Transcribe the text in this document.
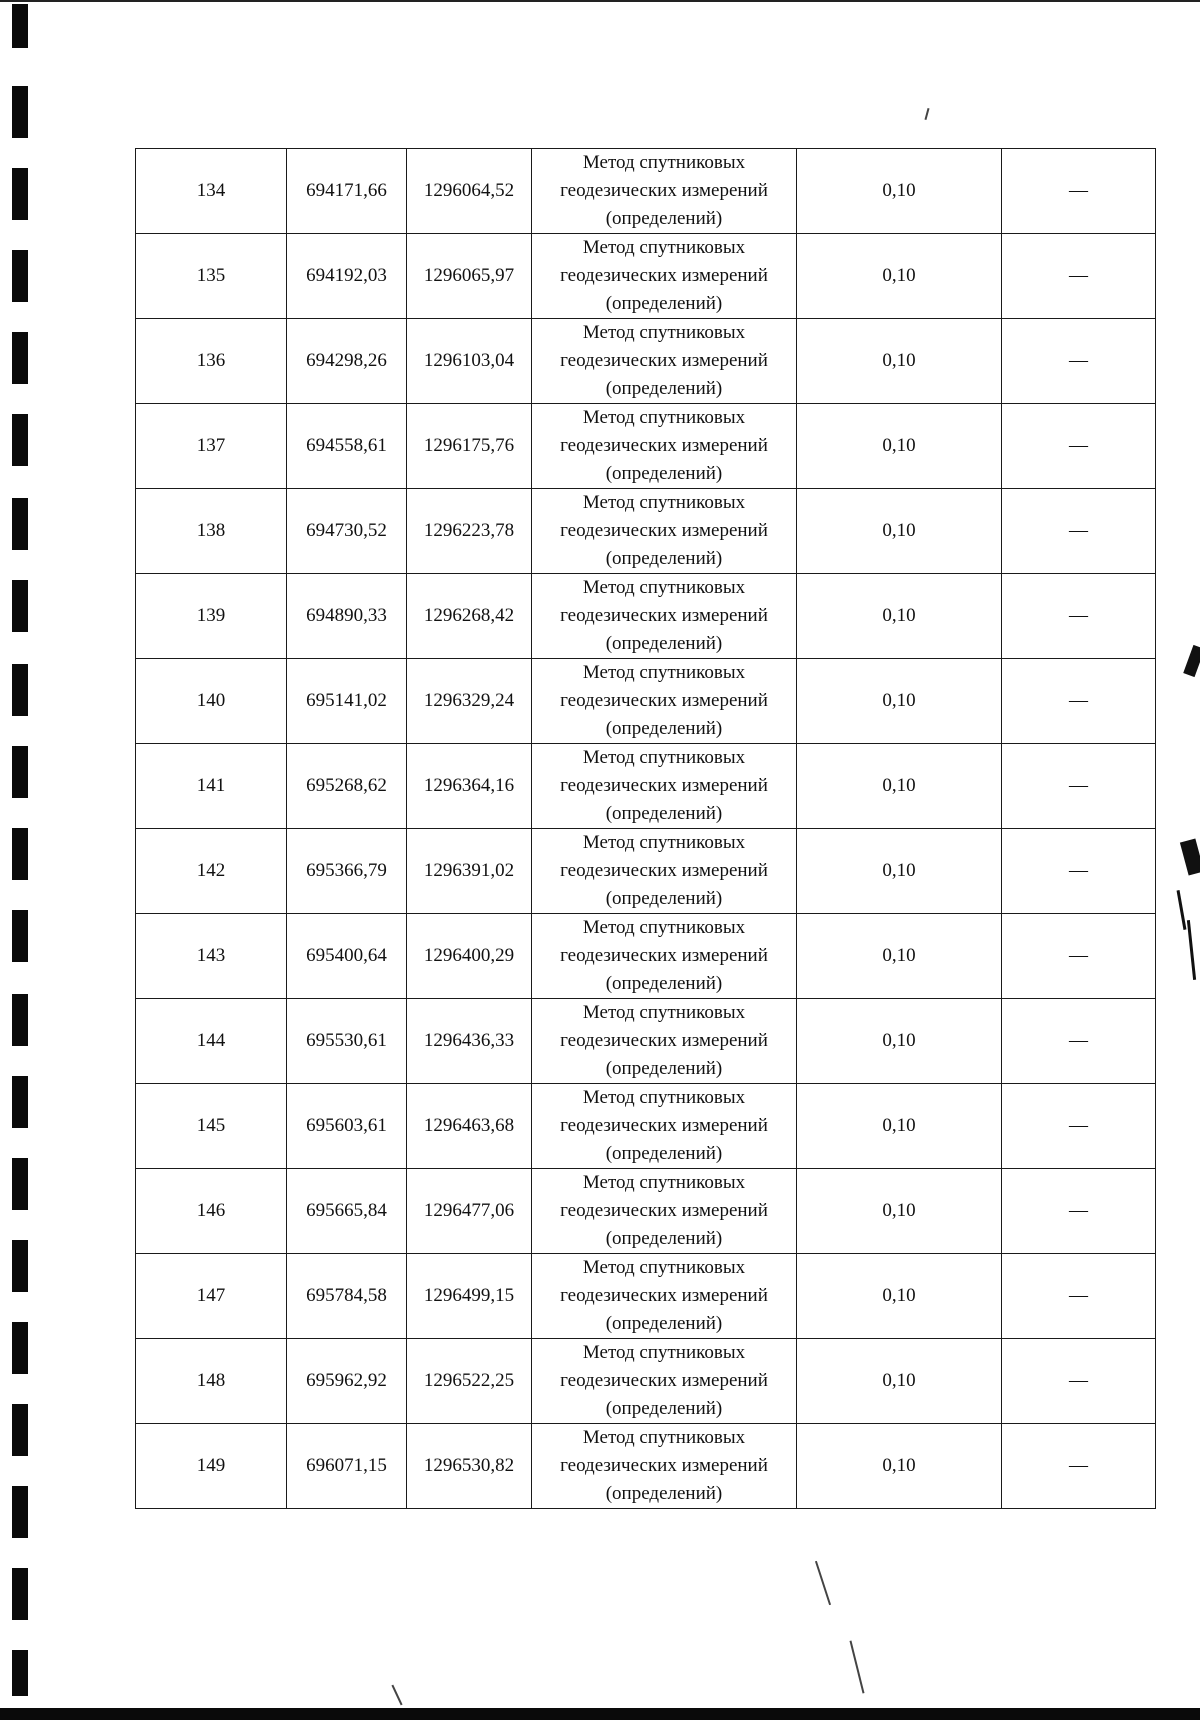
134	694171,66	1296064,52	Метод спутниковых
геодезических измерений
(определений)	0,10	—
135	694192,03	1296065,97	Метод спутниковых
геодезических измерений
(определений)	0,10	—
136	694298,26	1296103,04	Метод спутниковых
геодезических измерений
(определений)	0,10	—
137	694558,61	1296175,76	Метод спутниковых
геодезических измерений
(определений)	0,10	—
138	694730,52	1296223,78	Метод спутниковых
геодезических измерений
(определений)	0,10	—
139	694890,33	1296268,42	Метод спутниковых
геодезических измерений
(определений)	0,10	—
140	695141,02	1296329,24	Метод спутниковых
геодезических измерений
(определений)	0,10	—
141	695268,62	1296364,16	Метод спутниковых
геодезических измерений
(определений)	0,10	—
142	695366,79	1296391,02	Метод спутниковых
геодезических измерений
(определений)	0,10	—
143	695400,64	1296400,29	Метод спутниковых
геодезических измерений
(определений)	0,10	—
144	695530,61	1296436,33	Метод спутниковых
геодезических измерений
(определений)	0,10	—
145	695603,61	1296463,68	Метод спутниковых
геодезических измерений
(определений)	0,10	—
146	695665,84	1296477,06	Метод спутниковых
геодезических измерений
(определений)	0,10	—
147	695784,58	1296499,15	Метод спутниковых
геодезических измерений
(определений)	0,10	—
148	695962,92	1296522,25	Метод спутниковых
геодезических измерений
(определений)	0,10	—
149	696071,15	1296530,82	Метод спутниковых
геодезических измерений
(определений)	0,10	—
